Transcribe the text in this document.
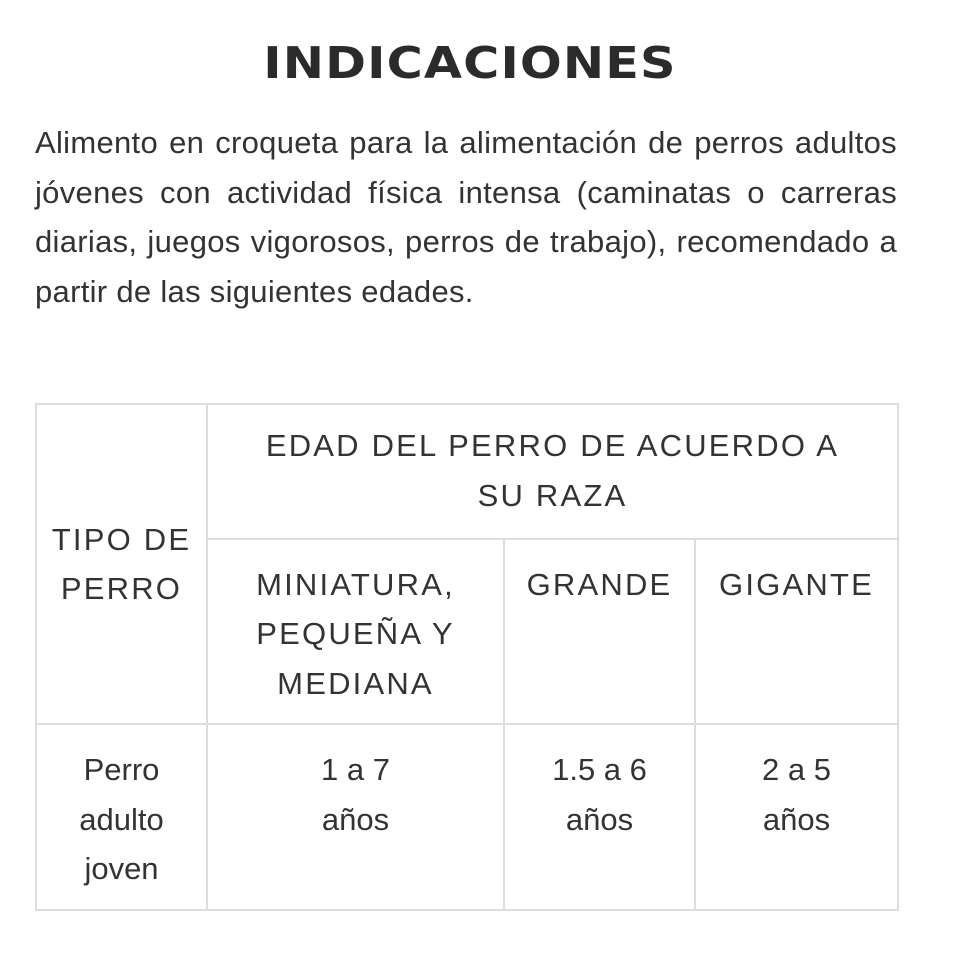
INDICACIONES

Alimento en croqueta para la alimentación de perros adultos jóvenes con actividad física intensa (caminatas o carreras diarias, juegos vigorosos, perros de trabajo), recomendado a partir de las siguientes edades.

TIPO DE PERRO	EDAD DEL PERRO DE ACUERDO A SU RAZA		
	MINIATURA, PEQUEÑA Y MEDIANA	GRANDE	GIGANTE
Perro adulto joven	1 a 7 años	1.5 a 6 años	2 a 5 años
